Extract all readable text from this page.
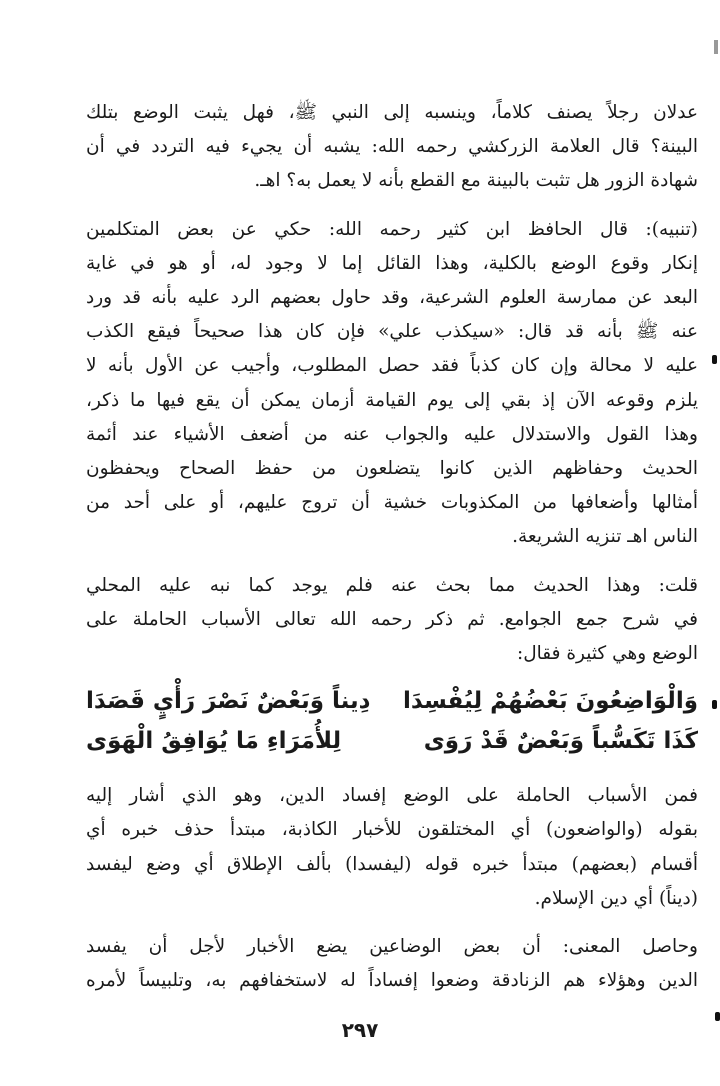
عدلان رجلاً يصنف كلاماً، وينسبه إلى النبي ﷺ، فهل يثبت الوضع بتلك
البينة؟ قال العلامة الزركشي رحمه الله: يشبه أن يجيء فيه التردد في أن
شهادة الزور هل تثبت بالبينة مع القطع بأنه لا يعمل به؟ اهـ.

(تنبيه): قال الحافظ ابن كثير رحمه الله: حكي عن بعض المتكلمين
إنكار وقوع الوضع بالكلية، وهذا القائل إما لا وجود له، أو هو في غاية
البعد عن ممارسة العلوم الشرعية، وقد حاول بعضهم الرد عليه بأنه قد ورد
عنه ﷺ بأنه قد قال: «سيكذب علي» فإن كان هذا صحيحاً فيقع الكذب
عليه لا محالة وإن كان كذباً فقد حصل المطلوب، وأجيب عن الأول بأنه لا
يلزم وقوعه الآن إذ بقي إلى يوم القيامة أزمان يمكن أن يقع فيها ما ذكر،
وهذا القول والاستدلال عليه والجواب عنه من أضعف الأشياء عند أئمة
الحديث وحفاظهم الذين كانوا يتضلعون من حفظ الصحاح ويحفظون
أمثالها وأضعافها من المكذوبات خشية أن تروج عليهم، أو على أحد من
الناس اهـ تنزيه الشريعة.

قلت: وهذا الحديث مما بحث عنه فلم يوجد كما نبه عليه المحلي
في شرح جمع الجوامع. ثم ذكر رحمه الله تعالى الأسباب الحاملة على
الوضع وهي كثيرة فقال:

وَالْوَاضِعُونَ بَعْضُهُمْ لِيُفْسِدَا
دِيناً وَبَعْضٌ نَصْرَ رَأْيٍ قَصَدَا
كَذَا تَكَسُّباً وَبَعْضٌ قَدْ رَوَى
لِلأُمَرَاءِ مَا يُوَافِقُ الْهَوَى

فمن الأسباب الحاملة على الوضع إفساد الدين، وهو الذي أشار إليه
بقوله (والواضعون) أي المختلقون للأخبار الكاذبة، مبتدأ حذف خبره أي
أقسام (بعضهم) مبتدأ خبره قوله (ليفسدا) بألف الإطلاق أي وضع ليفسد
(ديناً) أي دين الإسلام.

وحاصل المعنى: أن بعض الوضاعين يضع الأخبار لأجل أن يفسد
الدين وهؤلاء هم الزنادقة وضعوا إفساداً له لاستخفافهم به، وتلبيساً لأمره

٢٩٧
